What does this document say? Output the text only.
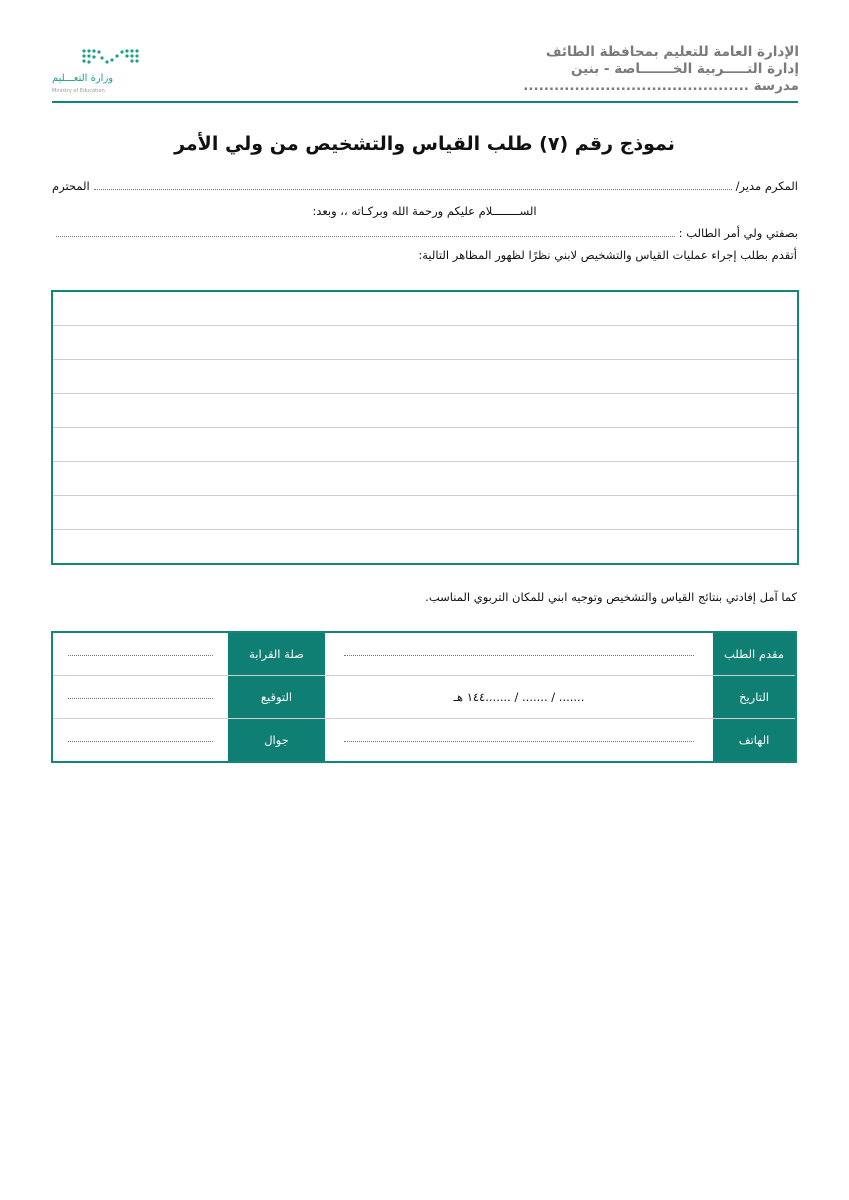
الإدارة العامة للتعليم بمحافظة الطائف
إدارة التـــــربية الخـــــــاصة - بنين
مدرسة ............................................
وزارة التعـــليم
Ministry of Education
نموذج رقم (٧) طلب القياس والتشخيص من ولي الأمر
المكرم مدير/
المحترم
الســــــــلام عليكم ورحمة الله وبركـاته ،، وبعد:
بصفتي ولي أمر الطالب :
أتقدم بطلب إجراء عمليات القياس والتشخيص لابني نظرًا لظهور المظاهر التالية:
كما آمل إفادتي بنتائج القياس والتشخيص وتوجيه ابني للمكان التربوي المناسب.
مقدم الطلب		صلة القرابة	
التاريخ	....... / ....... / .......١٤٤ هـ	التوقيع	
الهاتف		جوال	
